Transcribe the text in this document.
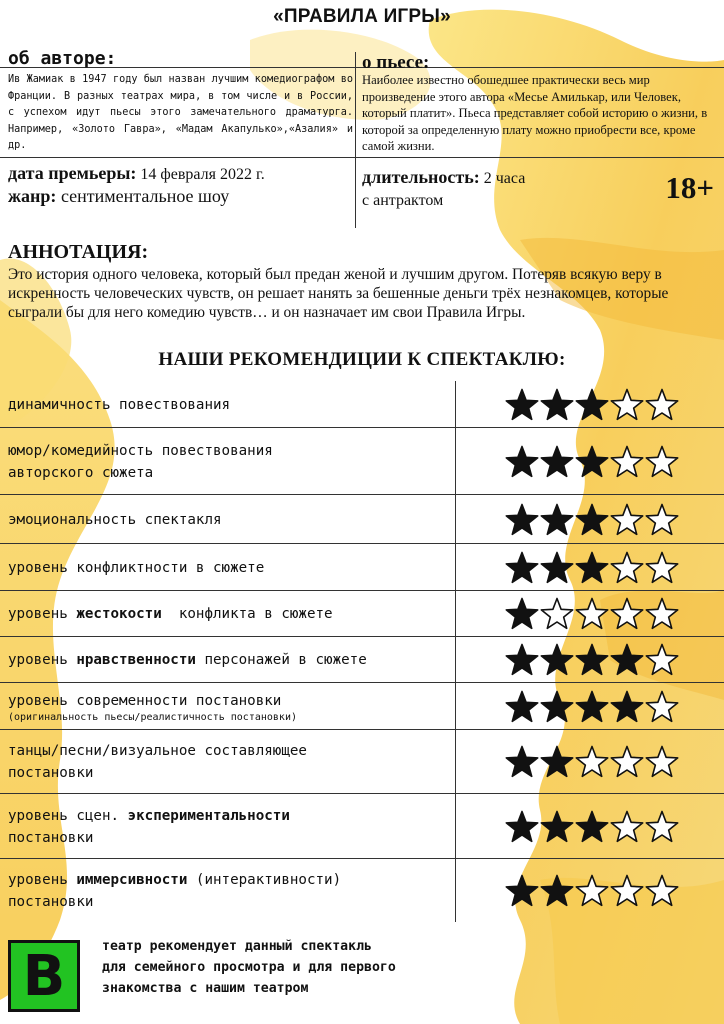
«ПРАВИЛА ИГРЫ»
об авторе:	о пьесе:
Ив Жамиак в 1947 году был назван лучшим комедиографом во Франции. В разных театрах мира, в том числе и в России, с успехом идут пьесы этого замечательного драматурга. Например, «Золото Гавра», «Мадам Акапулько»,«Азалия» и др.
Наиболее известно обошедшее практически весь мир произведение этого автора «Месье Амилькар, или Человек, который платит». Пьеса представляет собой историю о жизни, в которой за определенную плату можно приобрести все, кроме самой жизни.
дата премьеры: 14 февраля 2022 г.
жанр: сентиментальное шоу
длительность: 2 часа
с антрактом	18+
АННОТАЦИЯ:
Это история одного человека, который был предан женой и лучшим другом. Потеряв всякую веру в искренность человеческих чувств, он решает нанять за бешенные деньги трёх незнакомцев, которые сыграли бы для него комедию чувств… и он назначает им свои Правила Игры.
НАШИ РЕКОМЕНДИЦИИ К СПЕКТАКЛЮ:
динамичность повествования
юмор/комедийность повествования
авторского сюжета
эмоциональность спектакля
уровень конфликтности в сюжете
уровень жестокости  конфликта в сюжете
уровень нравственности персонажей в сюжете
уровень современности постановки
(оригинальность пьесы/реалистичность постановки)
танцы/песни/визуальное составляющее
постановки
уровень сцен. экспериментальности
постановки
уровень иммерсивности (интерактивности)
постановки
B	театр рекомендует данный спектакль для семейного просмотра и для первого знакомства с нашим театром
